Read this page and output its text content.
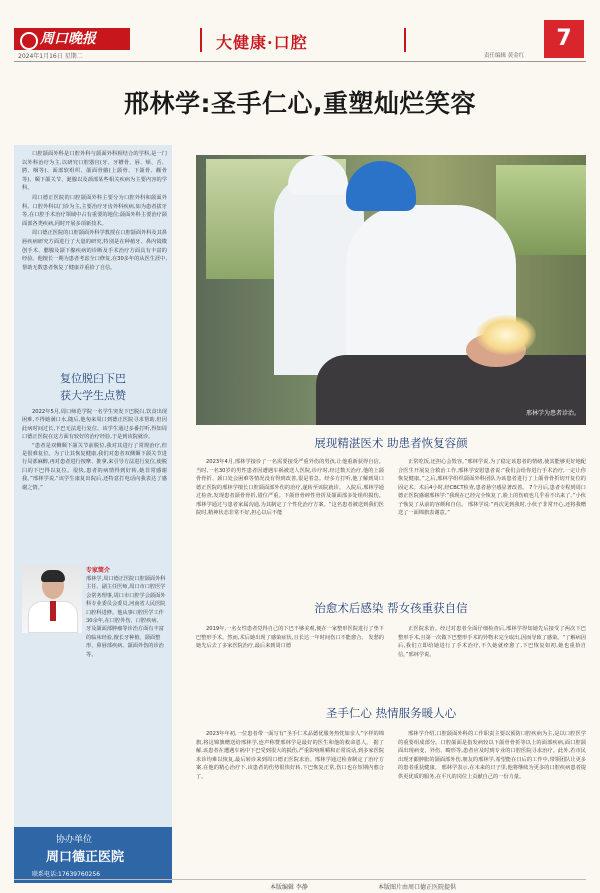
周口晚报
2024年1月16日 星期二
大健康·口腔
责任编辑 黄金红
7
邢林学:圣手仁心,重塑灿烂笑容

口腔颌面外科是口腔外科与颌面外科相结合的学科,是一门以外科治疗为主,以研究口腔器官(牙、牙槽骨、唇、颊、舌、腭、咽等)、面部软组织、颌面骨骼(上颌骨、下颌骨、颧骨等)、颞下颌关节、涎腺以及颈部某些相关疾病为主要内容的学科。

周口德正医院的口腔颌面外科主要分为口腔外科和颌面外科。口腔外科以门诊为主,主要治疗牙齿外科疾病,如为患者拔牙等,在口腔手术治疗领域中占有重要的地位;颌面外科主要治疗颌面部各类疾病,同时开展多项新技术。

周口德正医院的口腔颌面外科学教授在口腔颌面外科及其鼻唇疾病研究方面进行了大量的研究,特别是在种植牙、鼻内镜微创手术、腮腺及颌下腺疾病的诊断及手术治疗方面具有丰富的经验。他擅长一期为患者考虑全口修复,在30多年的从医生涯中,帮助无数患者恢复了健康并重拾了自信。

复位脱臼下巴
获大学生点赞

2022年5月,周口师范学院一名学生突发下巴脱臼,饮食出现困难,不得她满口水,随后,他匆来周口到德正医院寻求帮助,但因此病时间过长,下巴无法进行复位。该学生通过多番打听,得知周口德正医院在这方面有较好的治疗经验,于是到该院就诊。

“患者是双侧颞下颌关节前脱位,我对其进行了常规治疗,但是很难复位。为了让其恢复健康,我们对患者双侧颞下颌关节进行局部麻醉,再对患者进行按摩、推拿,来引导方法进行复位,使脱臼的下巴得以复位。很快,患者的病情得到好转,她非常感谢我。”邢林学说,“该学生康复出院后,还特意打电话向我表达了感谢之情。”

专家简介
邢林学,周口德正医院口腔颌面外科主任、副主任医师,周口市口腔医学会常务理事,周口市口腔学会颌面外科专业委员会委员,河南省人民医院口腔科进修。他从事口腔医学工作30余年,在口腔外伤、口腔疾病、牙及颌面部肿瘤等诊治方面有丰富的临床经验,擅长牙种植、颌面整形、鼻唇部疾病、颌面外伤的诊治等。
协办单位
周口德正医院
联系电话:17639760256
邢林学为患者诊治。
展现精湛医术 助患者恢复容颜

2023年4月,邢林学接诊了一名需要接受严重外伤的男孩,让他重新获得自信。 当时,一名30岁的男性患者因遭遇车祸被送人医院,诊疗时,经过数天治疗,他的上颌骨骨折、颈口处会困难等情况没有得到改善,很是着急。经多方打听,他了解到周口德正医院的邢林学擅长口腔颌面部外伤的治疗,遂转至该院就诊。 入院后,邢林学通过检查,发现患者颌骨骨折,错位严重。下颌骨骨碎性骨折及颌面部多处组织损伤。邢林学通过与患者家属沟通,为其制定了个性化治疗方案。“这名患者被送到我们医院时,精神状态非常不好,担心以后不能

正常吃饭,还担心会毁容。”邢林学说,为了稳定该患者的情绪,使其能够更好地配合医生开展复合救治工作,邢林学安慰患者说:“我们会给你进行手术治疗,一定让你恢复健康。”之后,邢林学组织颌面外科团队为该患者进行了上颌骨骨折切开复位的固定术。术后4小时,经CBCT检查,患者悬空感显著改善。 7个月后,患者专程到周口德正医院感谢邢林学:“我现在已经完全恢复了,脸上的伤痕也几乎看不出来了。”小伙子恢复了从前的容颜和自信。 邢林学说:“再次见到我时,小伙子非常开心,还将我赠送了一面锦旗表谢意。”

治愈术后感染 帮女孩重获自信

2019年,一名女性患者觉得自己的下巴不够美观,便在一家整形医院进行了垫下巴整形手术。然而,术后她出现了感染症状,且长达一年时间伤口不能愈合。 发愁的她先后去了多家医院治疗,最后来到周口德

正医院求治。经过对患者全面仔细检查后,邢林学得知她先后接受了两次下巴整形手术,且第一次做下巴整形手术的异物未完全取出,因而导致了感染。“了解病因后,我们立即给她进行了手术治疗,不久她就痊愈了,下巴恢复如初,她也重拾自信。”邢林学说。

圣手仁心 热情服务暖人心

2023年年初,一位患者带一面写有“圣手仁术品德优服务热忱如亲人”字样的锦旗,将这锦旗赠送给邢林学,连声称赞邢林学是最好的医生和他的救命恩人。 据了解,该患者在遭遇车祸中下巴受到很大的损伤,严重影响咀嚼和正常说话,到多家医院求诊均难以恢复,最后转诊来到周口德正医院求治。邢林学通过检查制定了治疗方案,在他的精心治疗下,该患者的伤势很快好转,下巴恢复正常,伤口也在短期内愈合了。

邢林学介绍,口腔颌面外科的工作职责主要以预防口腔疾病为主,是以口腔医学的重要组成部分。口腔颌面是指发病较以下颌骨骨折等以上的面部疾病,面口腔颌面出现病变、外伤、畸形等,患者应及时到专业的口腔医院寻求治疗。此外,若市民出现牙龈肿胀的颌面部外伤,朋友的邢林学,希望能在日后的工作中,带领团队让更多的患者重获健康。 邢林学表示,在未来的日子里,他将继续为更多的口腔疾病患者提供更优质的服务,在平凡的岗位上贡献自己的一份力量。

本版编辑 李静	本版图片由周口德正医院提供
